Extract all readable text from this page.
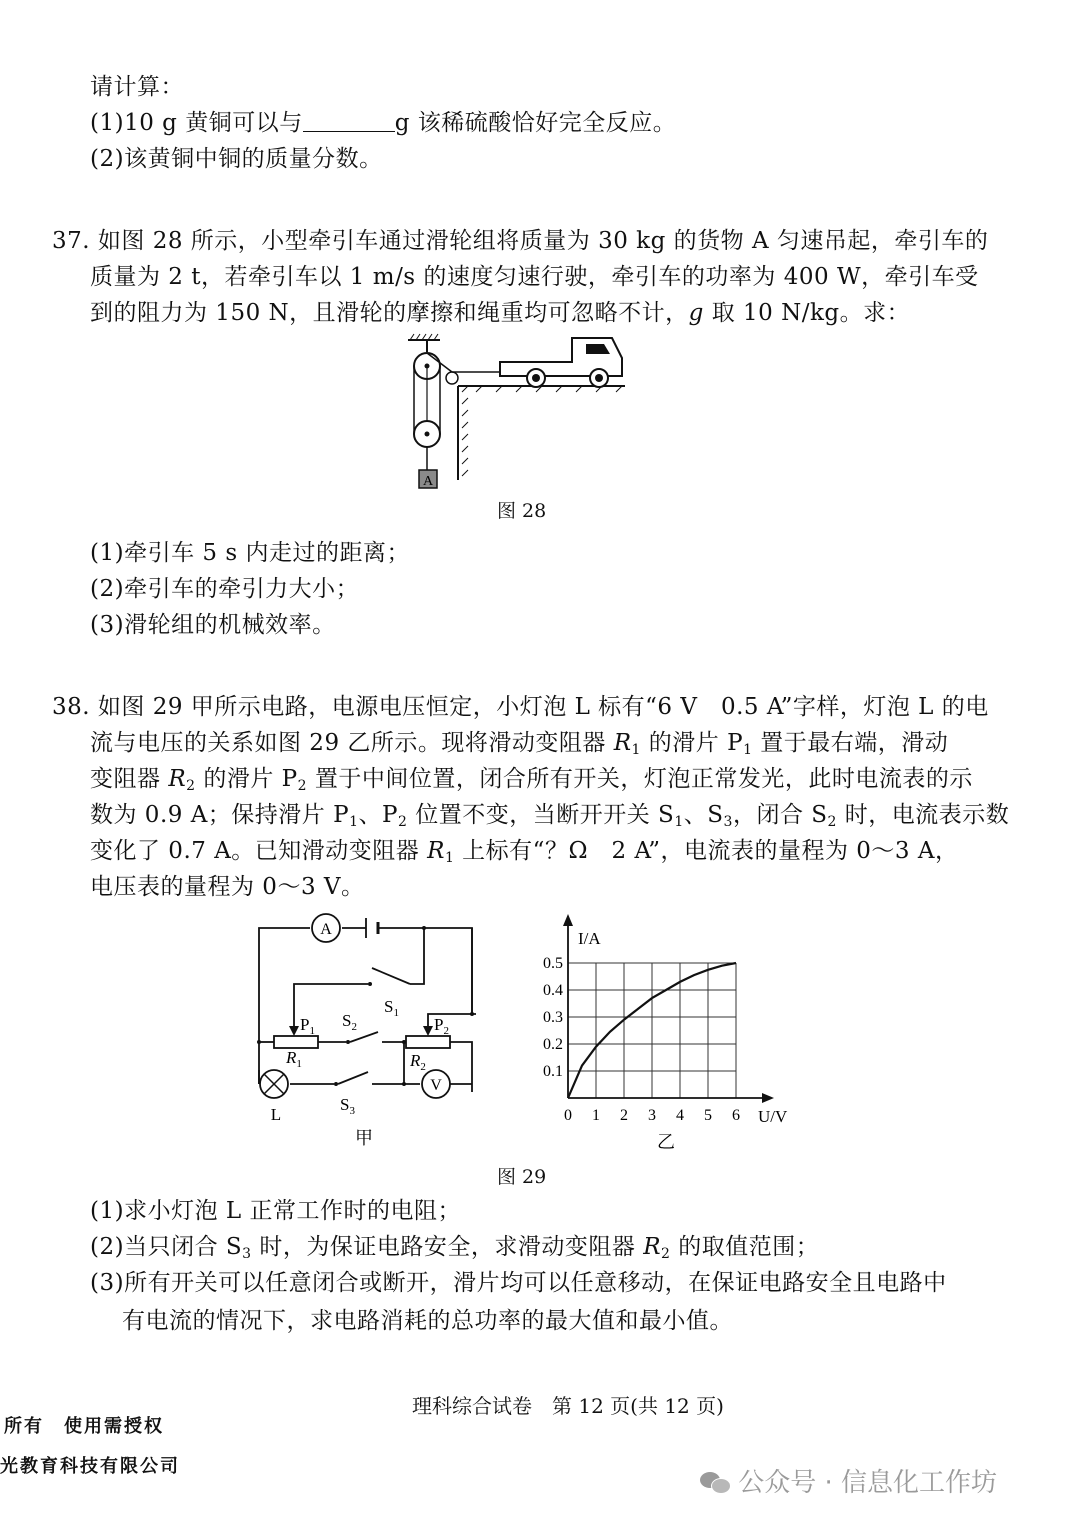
请计算：
(1)10 g 黄铜可以与	g 该稀硫酸恰好完全反应。
(2)该黄铜中铜的质量分数。
37. 如图 28 所示，小型牵引车通过滑轮组将质量为 30 kg 的货物 A 匀速吊起，牵引车的
质量为 2 t，若牵引车以 1 m/s 的速度匀速行驶，牵引车的功率为 400 W，牵引车受
到的阻力为 150 N，且滑轮的摩擦和绳重均可忽略不计，g 取 10 N/kg。求：
A
图 28
(1)牵引车 5 s 内走过的距离；
(2)牵引车的牵引力大小；
(3)滑轮组的机械效率。
38. 如图 29 甲所示电路，电源电压恒定，小灯泡 L 标有“6 V　0.5 A”字样，灯泡 L 的电
流与电压的关系如图 29 乙所示。现将滑动变阻器 $R_1$ 的滑片 $P_1$ 置于最右端，滑动
变阻器 $R_2$ 的滑片 $P_2$ 置于中间位置，闭合所有开关，灯泡正常发光，此时电流表的示
数为 0.9 A；保持滑片 $P_1$、$P_2$ 位置不变，当断开开关 $S_1$、$S_3$，闭合 $S_2$ 时，电流表示数
变化了 0.7 A。已知滑动变阻器 $R_1$ 上标有“？Ω　2 A”，电流表的量程为 0～3 A，
电压表的量程为 0～3 V。
A
V
$S_1$
$S_2$
$S_3$
$P_1$	$P_2$
$R_1$	$R_2$
L
甲
0 1 2 3 4 5 6
0.1
0.2
0.3
0.4
0.5
I/A
U/V
乙
图 29
(1)求小灯泡 L 正常工作时的电阻；
(2)当只闭合 $S_3$ 时，为保证电路安全，求滑动变阻器 $R_2$ 的取值范围；
(3)所有开关可以任意闭合或断开，滑片均可以任意移动，在保证电路安全且电路中
有电流的情况下，求电路消耗的总功率的最大值和最小值。
理科综合试卷　第 12 页(共 12 页)
所有　使用需授权
光教育科技有限公司
公众号 · 信息化工作坊
